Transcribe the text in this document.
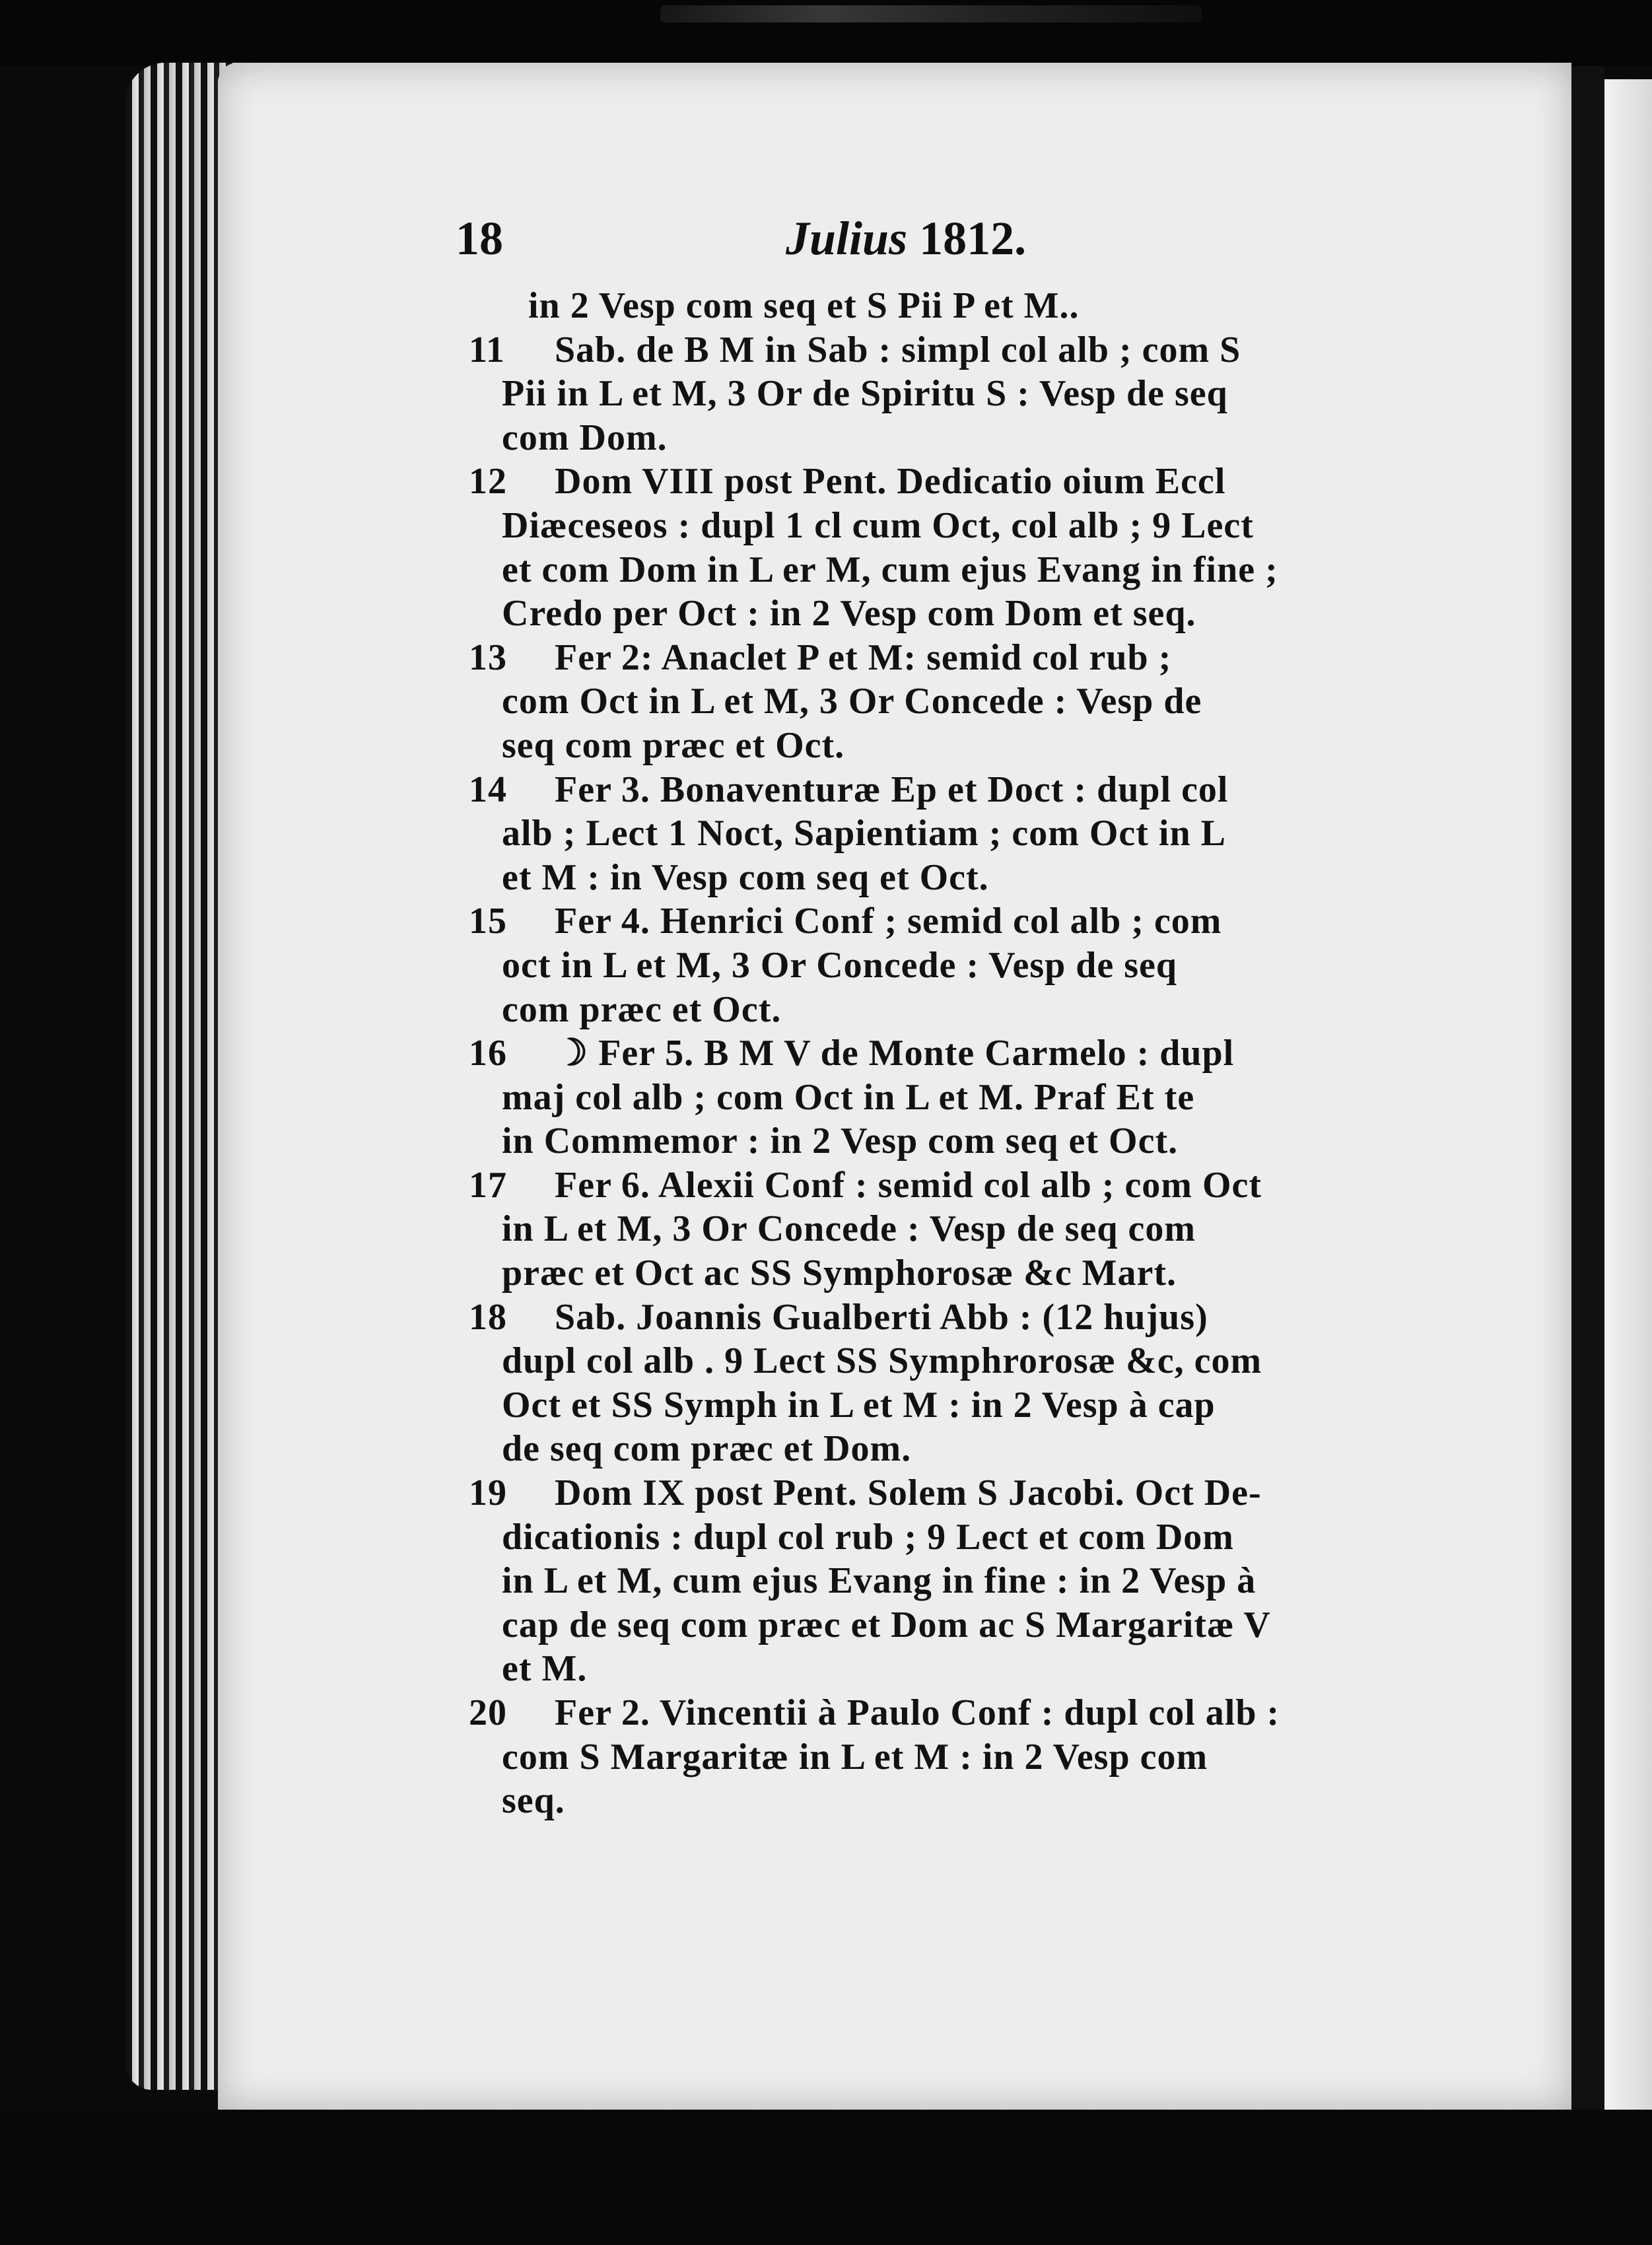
18	Julius 1812.
in 2 Vesp com seq et S Pii P et M..
11 Sab. de B M in Sab : simpl col alb ; com S
Pii in L et M, 3 Or de Spiritu S : Vesp de seq
com Dom.
12 Dom VIII post Pent. Dedicatio oium Eccl
Diæceseos : dupl 1 cl cum Oct, col alb ; 9 Lect
et com Dom in L er M, cum ejus Evang in fine ;
Credo per Oct : in 2 Vesp com Dom et seq.
13 Fer 2: Anaclet P et M: semid col rub ;
com Oct in L et M, 3 Or Concede : Vesp de
seq com præc et Oct.
14 Fer 3. Bonaventuræ Ep et Doct : dupl col
alb ; Lect 1 Noct, Sapientiam ; com Oct in L
et M : in Vesp com seq et Oct.
15 Fer 4. Henrici Conf ; semid col alb ; com
oct in L et M, 3 Or Concede : Vesp de seq
com præc et Oct.
16 ☽ Fer 5. B M V de Monte Carmelo : dupl
maj col alb ; com Oct in L et M. Praf Et te
in Commemor : in 2 Vesp com seq et Oct.
17 Fer 6. Alexii Conf : semid col alb ; com Oct
in L et M, 3 Or Concede : Vesp de seq com
præc et Oct ac SS Symphorosæ &c Mart.
18 Sab. Joannis Gualberti Abb : (12 hujus)
dupl col alb . 9 Lect SS Symphrorosæ &c, com
Oct et SS Symph in L et M : in 2 Vesp à cap
de seq com præc et Dom.
19 Dom IX post Pent. Solem S Jacobi. Oct De-
dicationis : dupl col rub ; 9 Lect et com Dom
in L et M, cum ejus Evang in fine : in 2 Vesp à
cap de seq com præc et Dom ac S Margaritæ V
et M.
20 Fer 2. Vincentii à Paulo Conf : dupl col alb :
com S Margaritæ in L et M : in 2 Vesp com
seq.
